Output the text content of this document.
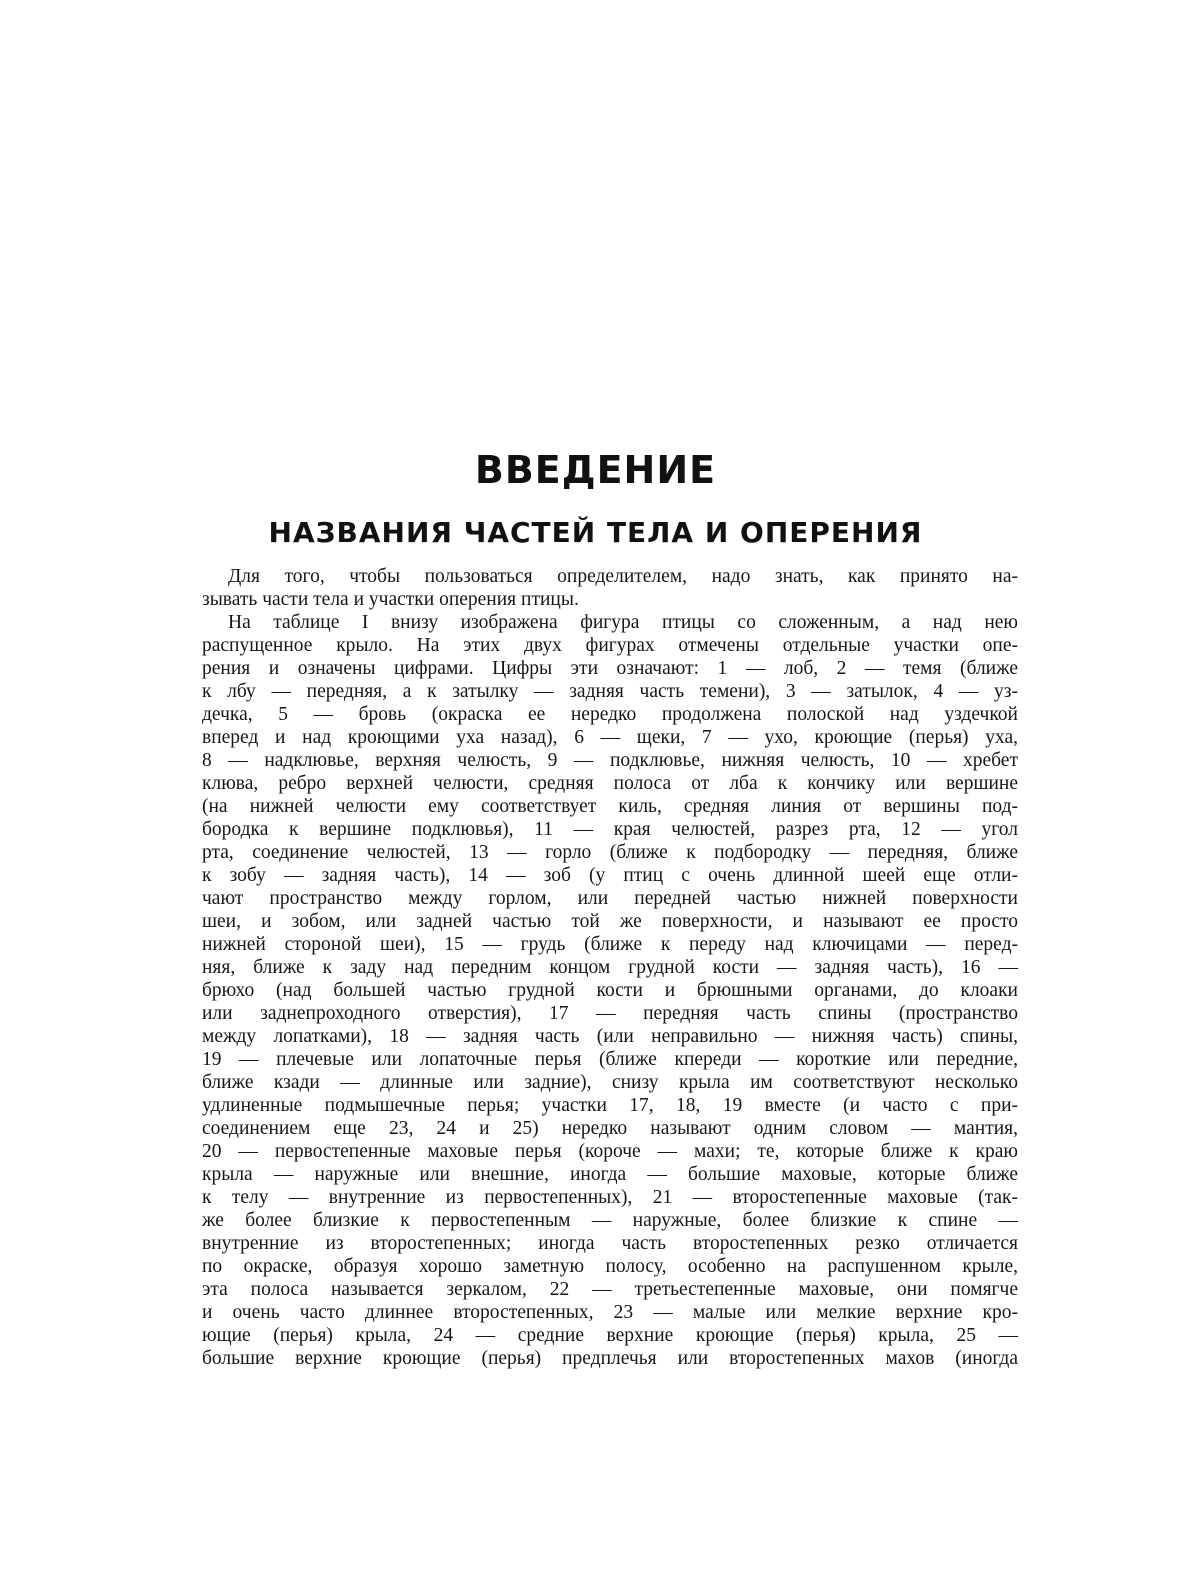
ВВЕДЕНИЕ
НАЗВАНИЯ ЧАСТЕЙ ТЕЛА И ОПЕРЕНИЯ
Для того, чтобы пользоваться определителем, надо знать, как принято на-
зывать части тела и участки оперения птицы.
На таблице I внизу изображена фигура птицы со сложенным, а над нею
распущенное крыло. На этих двух фигурах отмечены отдельные участки опе-
рения и означены цифрами. Цифры эти означают: 1 — лоб, 2 — темя (ближе
к лбу — передняя, а к затылку — задняя часть темени), 3 — затылок, 4 — уз-
дечка, 5 — бровь (окраска ее нередко продолжена полоской над уздечкой
вперед и над кроющими уха назад), 6 — щеки, 7 — ухо, кроющие (перья) уха,
8 — надклювье, верхняя челюсть, 9 — подклювье, нижняя челюсть, 10 — хребет
клюва, ребро верхней челюсти, средняя полоса от лба к кончику или вершине
(на нижней челюсти ему соответствует киль, средняя линия от вершины под-
бородка к вершине подклювья), 11 — края челюстей, разрез рта, 12 — угол
рта, соединение челюстей, 13 — горло (ближе к подбородку — передняя, ближе
к зобу — задняя часть), 14 — зоб (у птиц с очень длинной шеей еще отли-
чают пространство между горлом, или передней частью нижней поверхности
шеи, и зобом, или задней частью той же поверхности, и называют ее просто
нижней стороной шеи), 15 — грудь (ближе к переду над ключицами — перед-
няя, ближе к заду над передним концом грудной кости — задняя часть), 16 —
брюхо (над большей частью грудной кости и брюшными органами, до клоаки
или заднепроходного отверстия), 17 — передняя часть спины (пространство
между лопатками), 18 — задняя часть (или неправильно — нижняя часть) спины,
19 — плечевые или лопаточные перья (ближе кпереди — короткие или передние,
ближе кзади — длинные или задние), снизу крыла им соответствуют несколько
удлиненные подмышечные перья; участки 17, 18, 19 вместе (и часто с при-
соединением еще 23, 24 и 25) нередко называют одним словом — мантия,
20 — первостепенные маховые перья (короче — махи; те, которые ближе к краю
крыла — наружные или внешние, иногда — большие маховые, которые ближе
к телу — внутренние из первостепенных), 21 — второстепенные маховые (так-
же более близкие к первостепенным — наружные, более близкие к спине —
внутренние из второстепенных; иногда часть второстепенных резко отличается
по окраске, образуя хорошо заметную полосу, особенно на распушенном крыле,
эта полоса называется зеркалом, 22 — третьестепенные маховые, они помягче
и очень часто длиннее второстепенных, 23 — малые или мелкие верхние кро-
ющие (перья) крыла, 24 — средние верхние кроющие (перья) крыла, 25 —
большие верхние кроющие (перья) предплечья или второстепенных махов (иногда
